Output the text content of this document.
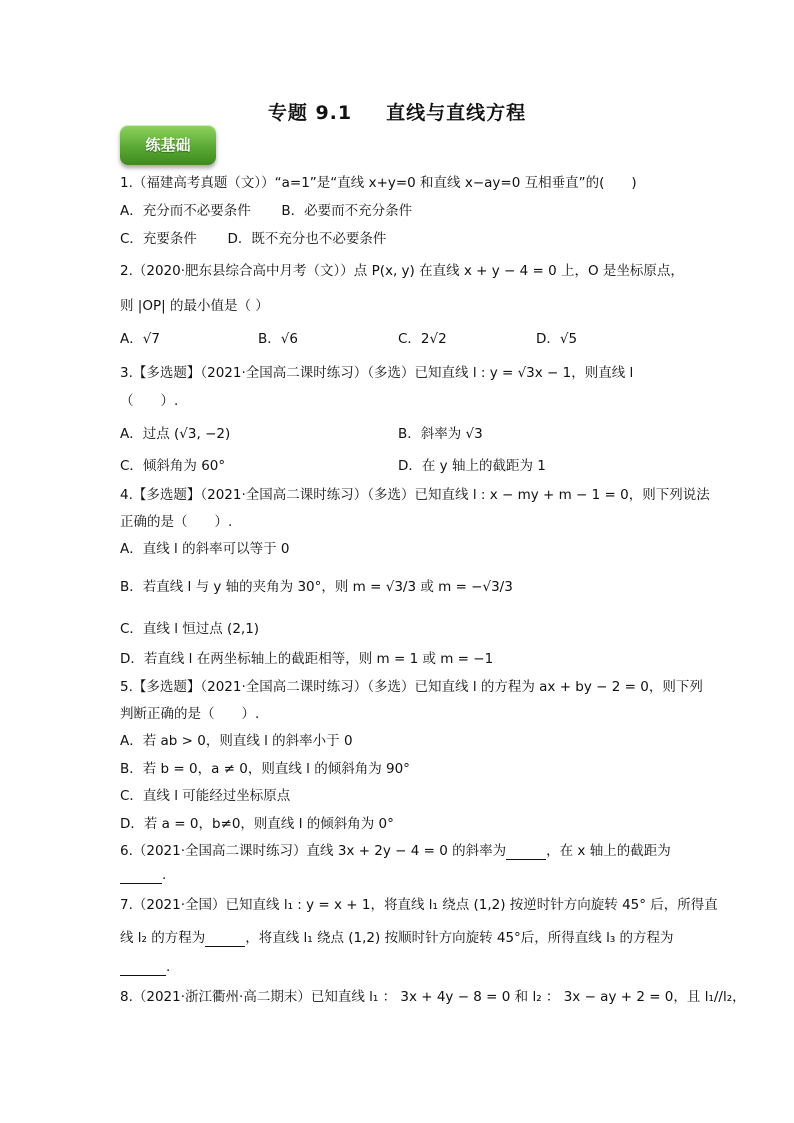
专题 9.1 直线与直线方程
练基础
1.（福建高考真题（文））“a=1”是“直线 x+y=0 和直线 x−ay=0 互相垂直”的(　　)
A．充分而不必要条件 B．必要而不充分条件
C．充要条件 D．既不充分也不必要条件
2.（2020·肥东县综合高中月考（文））点 P(x, y) 在直线 x + y − 4 = 0 上，O 是坐标原点，
则 |OP| 的最小值是（ ）
A．√7	B．√6	C．2√2	D．√5
3.【多选题】（2021·全国高二课时练习）（多选）已知直线 l : y = √3x − 1，则直线 l
（　　）.
A．过点 (√3, −2)	B．斜率为 √3
C．倾斜角为 60°	D．在 y 轴上的截距为 1
4.【多选题】（2021·全国高二课时练习）（多选）已知直线 l : x − my + m − 1 = 0，则下列说法
正确的是（　　）.
A．直线 l 的斜率可以等于 0
B．若直线 l 与 y 轴的夹角为 30°，则 m = √3/3 或 m = −√3/3
C．直线 l 恒过点 (2,1)
D．若直线 l 在两坐标轴上的截距相等，则 m = 1 或 m = −1
5.【多选题】（2021·全国高二课时练习）（多选）已知直线 l 的方程为 ax + by − 2 = 0，则下列
判断正确的是（　　）.
A．若 ab > 0，则直线 l 的斜率小于 0
B．若 b = 0，a ≠ 0，则直线 l 的倾斜角为 90°
C．直线 l 可能经过坐标原点
D．若 a = 0，b≠0，则直线 l 的倾斜角为 0°
6.（2021·全国高二课时练习）直线 3x + 2y − 4 = 0 的斜率为	，在 x 轴上的截距为
.
7.（2021·全国）已知直线 l₁ : y = x + 1，将直线 l₁ 绕点 (1,2) 按逆时针方向旋转 45° 后，所得直
线 l₂ 的方程为	，将直线 l₁ 绕点 (1,2) 按顺时针方向旋转 45°后，所得直线 l₃ 的方程为
.
8.（2021·浙江衢州·高二期末）已知直线 l₁ ： 3x + 4y − 8 = 0 和 l₂ ： 3x − ay + 2 = 0，且 l₁//l₂，
